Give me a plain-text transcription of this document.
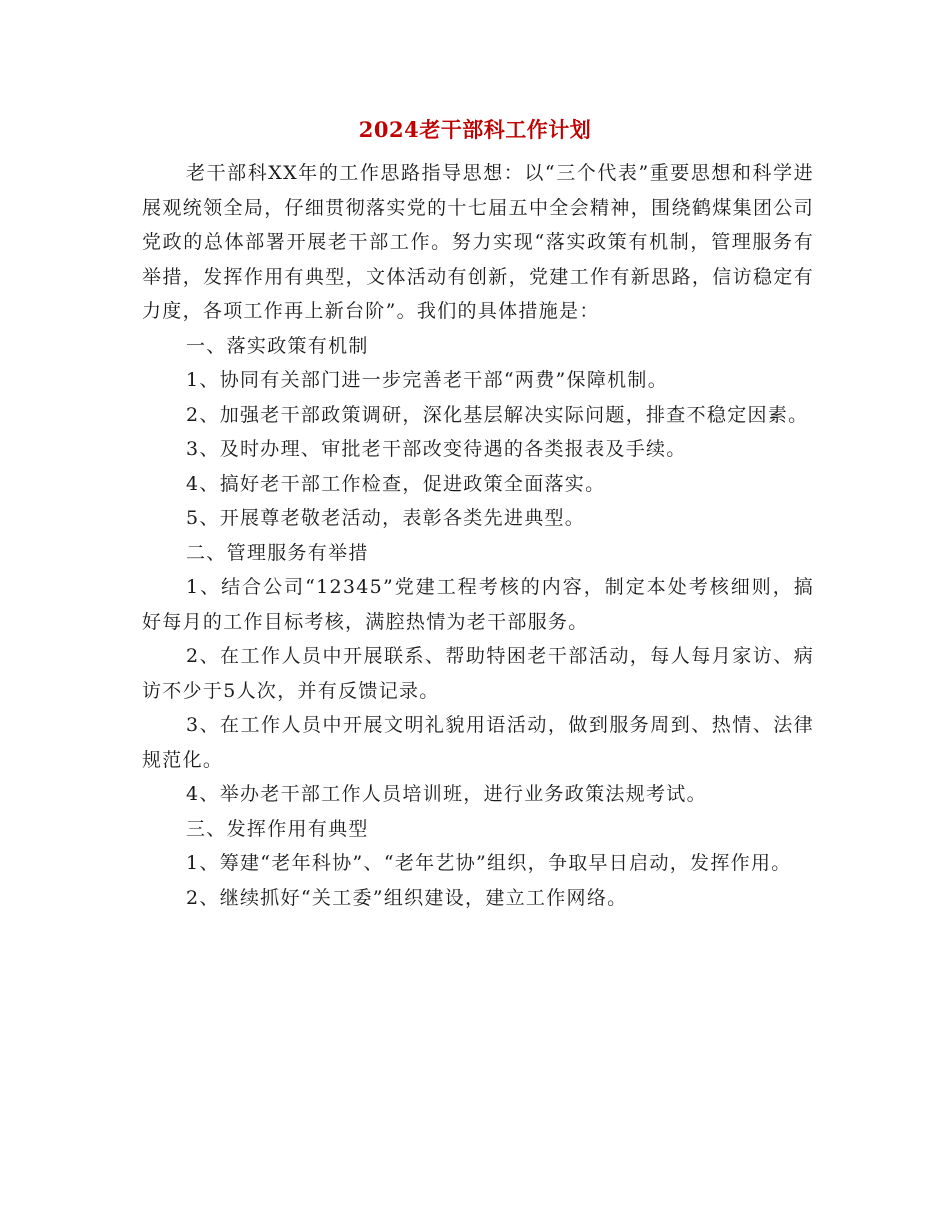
2024老干部科工作计划

老干部科XX年的工作思路指导思想：以“三个代表”重要思想和科学进展观统领全局，仔细贯彻落实党的十七届五中全会精神，围绕鹤煤集团公司党政的总体部署开展老干部工作。努力实现“落实政策有机制，管理服务有举措，发挥作用有典型，文体活动有创新，党建工作有新思路，信访稳定有力度，各项工作再上新台阶”。我们的具体措施是：

一、落实政策有机制

1、协同有关部门进一步完善老干部“两费”保障机制。

2、加强老干部政策调研，深化基层解决实际问题，排查不稳定因素。

3、及时办理、审批老干部改变待遇的各类报表及手续。

4、搞好老干部工作检查，促进政策全面落实。

5、开展尊老敬老活动，表彰各类先进典型。

二、管理服务有举措

1、结合公司“12345”党建工程考核的内容，制定本处考核细则，搞好每月的工作目标考核，满腔热情为老干部服务。

2、在工作人员中开展联系、帮助特困老干部活动，每人每月家访、病访不少于5人次，并有反馈记录。

3、在工作人员中开展文明礼貌用语活动，做到服务周到、热情、法律规范化。

4、举办老干部工作人员培训班，进行业务政策法规考试。

三、发挥作用有典型

1、筹建“老年科协”、“老年艺协”组织，争取早日启动，发挥作用。

2、继续抓好“关工委”组织建设，建立工作网络。
